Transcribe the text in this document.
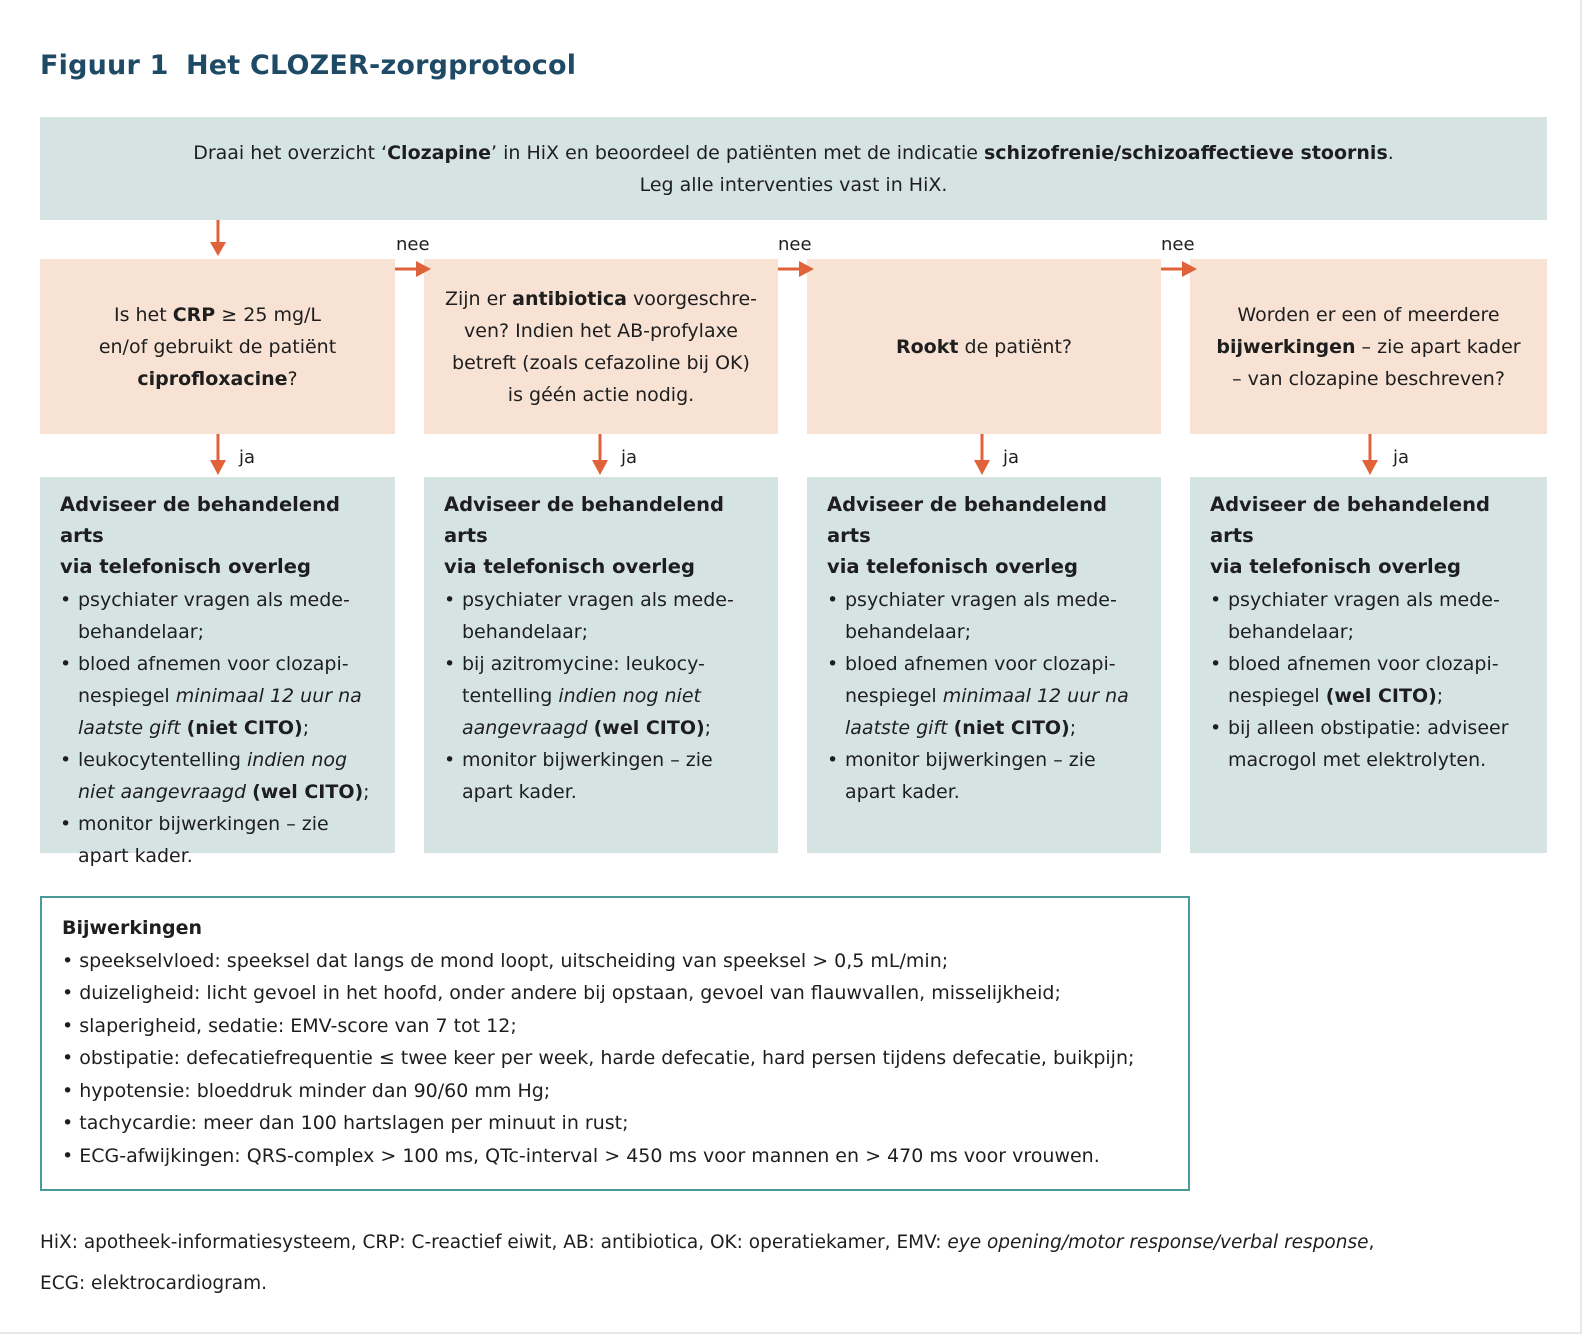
Figuur 1 Het CLOZER-zorgprotocol
Draai het overzicht ‘Clozapine’ in HiX en beoordeel de patiënten met de indicatie schizofrenie/schizoaffectieve stoornis.
Leg alle interventies vast in HiX.
Is het CRP ≥ 25 mg/L
en/of gebruikt de patiënt
ciprofloxacine?
Zijn er antibiotica voorgeschre-
ven? Indien het AB-profylaxe
betreft (zoals cefazoline bij OK)
is géén actie nodig.
Rookt de patiënt?
Worden er een of meerdere
bijwerkingen – zie apart kader
– van clozapine beschreven?
Adviseer de behandelend arts
via telefonisch overleg
• psychiater vragen als mede-behandelaar;
• bloed afnemen voor clozapi-nespiegel minimaal 12 uur na laatste gift (niet CITO);
• leukocytentelling indien nog niet aangevraagd (wel CITO);
• monitor bijwerkingen – zie apart kader.
Adviseer de behandelend arts
via telefonisch overleg
• psychiater vragen als mede-behandelaar;
• bij azitromycine: leukocy-tentelling indien nog niet aangevraagd (wel CITO);
• monitor bijwerkingen – zie apart kader.
Adviseer de behandelend arts
via telefonisch overleg
• psychiater vragen als mede-behandelaar;
• bloed afnemen voor clozapi-nespiegel minimaal 12 uur na laatste gift (niet CITO);
• monitor bijwerkingen – zie apart kader.
Adviseer de behandelend arts
via telefonisch overleg
• psychiater vragen als mede-behandelaar;
• bloed afnemen voor clozapi-nespiegel (wel CITO);
• bij alleen obstipatie: adviseer macrogol met elektrolyten.
nee	nee	nee
ja	ja	ja	ja
Bijwerkingen
• speekselvloed: speeksel dat langs de mond loopt, uitscheiding van speeksel > 0,5 mL/min;
• duizeligheid: licht gevoel in het hoofd, onder andere bij opstaan, gevoel van flauwvallen, misselijkheid;
• slaperigheid, sedatie: EMV-score van 7 tot 12;
• obstipatie: defecatiefrequentie ≤ twee keer per week, harde defecatie, hard persen tijdens defecatie, buikpijn;
• hypotensie: bloeddruk minder dan 90/60 mm Hg;
• tachycardie: meer dan 100 hartslagen per minuut in rust;
• ECG-afwijkingen: QRS-complex > 100 ms, QTc-interval > 450 ms voor mannen en > 470 ms voor vrouwen.
HiX: apotheek-informatiesysteem, CRP: C-reactief eiwit, AB: antibiotica, OK: operatiekamer, EMV: eye opening/motor response/verbal response,
ECG: elektrocardiogram.
